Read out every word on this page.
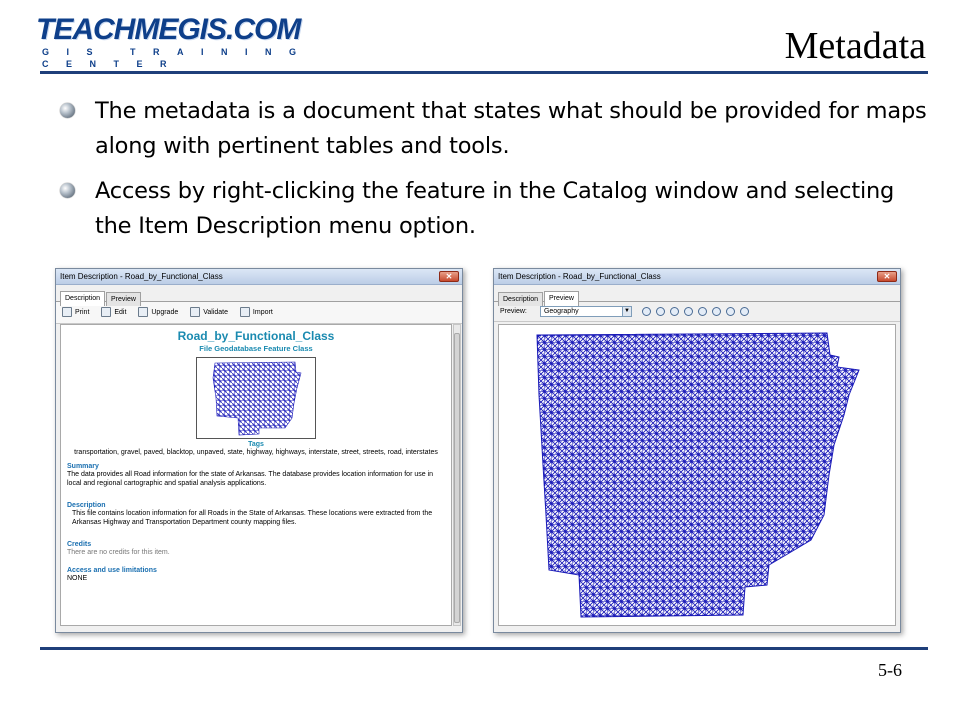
TEACHMEGIS.COM
GIS TRAINING CENTER	Metadata
The metadata is a document that states what should be provided for maps along with pertinent tables and tools.
Access by right-clicking the feature in the Catalog window and selecting the Item Description menu option.
Item Description - Road_by_Functional_Class	✕
Description Preview
Print	Edit	Upgrade	Validate	Import
Road_by_Functional_Class
File Geodatabase Feature Class
Tags
transportation, gravel, paved, blacktop, unpaved, state, highway, highways, interstate, street, streets, road, interstates
Summary
The data provides all Road information for the state of Arkansas. The database provides location information for use in local and regional cartographic and spatial analysis applications.
Description
This file contains location information for all Roads in the State of Arkansas. These locations were extracted from the Arkansas Highway and Transportation Department county mapping files.
Credits
There are no credits for this item.
Access and use limitations
NONE
Item Description - Road_by_Functional_Class	✕
Description Preview
Preview: Geography	▼

5-6
